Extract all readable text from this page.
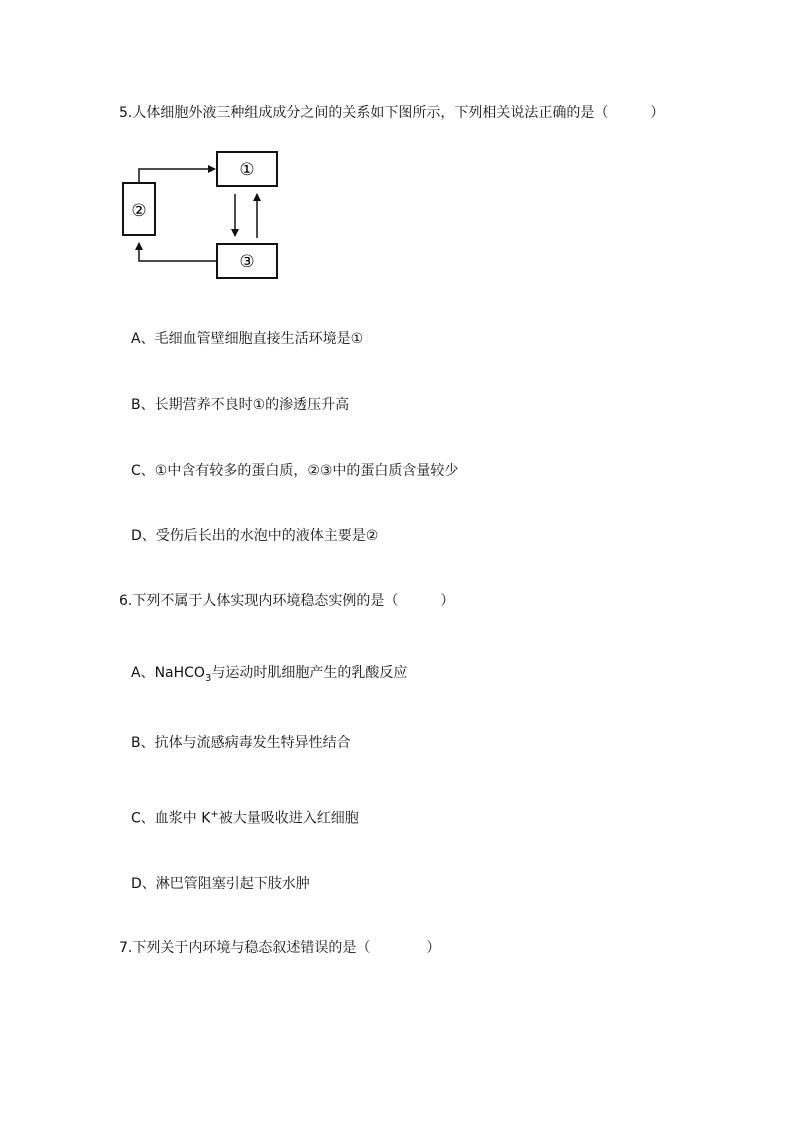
5.人体细胞外液三种组成成分之间的关系如下图所示，下列相关说法正确的是（　　　）
①
②
③
A、毛细血管壁细胞直接生活环境是①
B、长期营养不良时①的渗透压升高
C、①中含有较多的蛋白质，②③中的蛋白质含量较少
D、受伤后长出的水泡中的液体主要是②
6.下列不属于人体实现内环境稳态实例的是（　　　）
A、NaHCO$_3$与运动时肌细胞产生的乳酸反应
B、抗体与流感病毒发生特异性结合
C、血浆中 K+被大量吸收进入红细胞
D、淋巴管阻塞引起下肢水肿
7.下列关于内环境与稳态叙述错误的是（　　　　）
